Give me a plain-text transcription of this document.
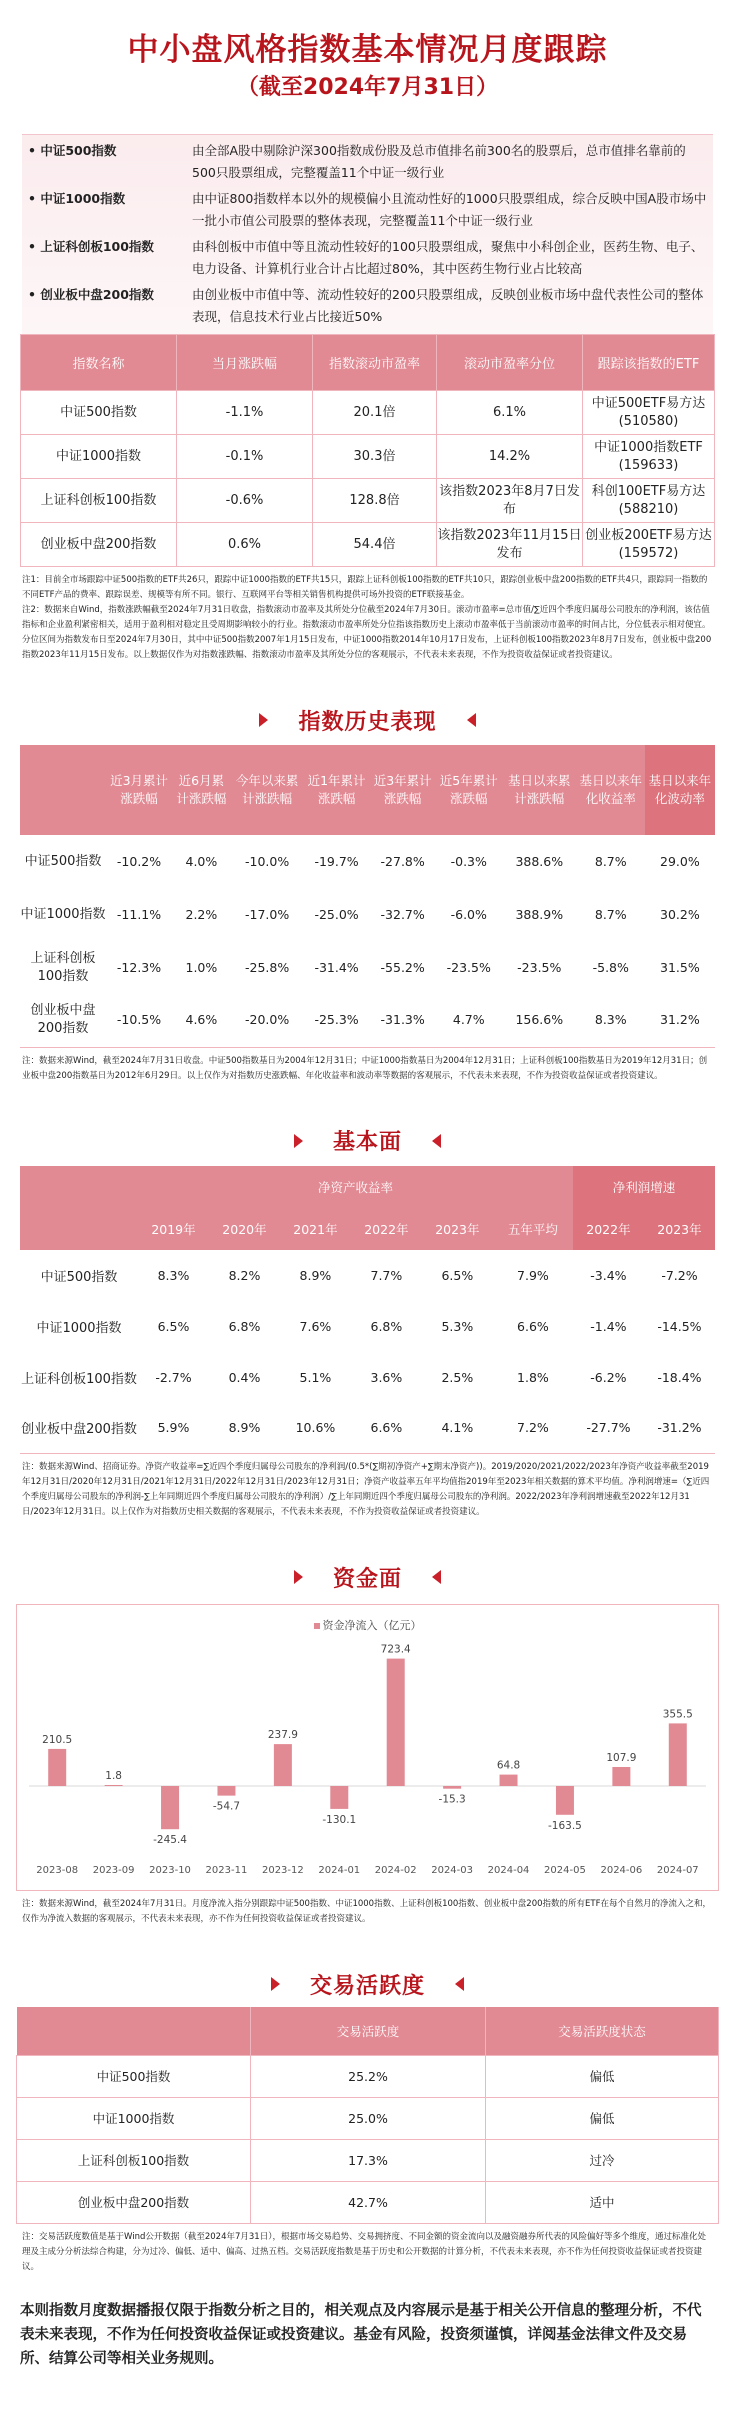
中小盘风格指数基本情况月度跟踪
（截至2024年7月31日）
• 中证500指数	由全部A股中剔除沪深300指数成份股及总市值排名前300名的股票后，总市值排名靠前的500只股票组成，完整覆盖11个中证一级行业
• 中证1000指数	由中证800指数样本以外的规模偏小且流动性好的1000只股票组成，综合反映中国A股市场中一批小市值公司股票的整体表现，完整覆盖11个中证一级行业
• 上证科创板100指数	由科创板中市值中等且流动性较好的100只股票组成，聚焦中小科创企业，医药生物、电子、电力设备、计算机行业合计占比超过80%，其中医药生物行业占比较高
• 创业板中盘200指数	由创业板中市值中等、流动性较好的200只股票组成，反映创业板市场中盘代表性公司的整体表现，信息技术行业占比接近50%
指数名称	当月涨跌幅	指数滚动市盈率	滚动市盈率分位	跟踪该指数的ETF
中证500指数	-1.1%	20.1倍	6.1%	中证500ETF易方达
(510580)

中证1000指数	-0.1%	30.3倍	14.2%	中证1000指数ETF
(159633)

上证科创板100指数	-0.6%	128.8倍	该指数2023年8月7日发布	科创100ETF易方达
(588210)

创业板中盘200指数	0.6%	54.4倍	该指数2023年11月15日发布	创业板200ETF易方达
(159572)
注1：目前全市场跟踪中证500指数的ETF共26只，跟踪中证1000指数的ETF共15只，跟踪上证科创板100指数的ETF共10只，跟踪创业板中盘200指数的ETF共4只，跟踪同一指数的不同ETF产品的费率、跟踪误差、规模等有所不同。银行、互联网平台等相关销售机构提供可场外投资的ETF联接基金。
注2：数据来自Wind，指数涨跌幅截至2024年7月31日收盘，指数滚动市盈率及其所处分位截至2024年7月30日。滚动市盈率=总市值/∑近四个季度归属母公司股东的净利润，该估值指标和企业盈利紧密相关，适用于盈利相对稳定且受周期影响较小的行业。指数滚动市盈率所处分位指该指数历史上滚动市盈率低于当前滚动市盈率的时间占比，分位低表示相对便宜。分位区间为指数发布日至2024年7月30日，其中中证500指数2007年1月15日发布，中证1000指数2014年10月17日发布，上证科创板100指数2023年8月7日发布，创业板中盘200指数2023年11月15日发布。以上数据仅作为对指数涨跌幅、指数滚动市盈率及其所处分位的客观展示，不代表未来表现，不作为投资收益保证或者投资建议。
指数历史表现
	近3月累计涨跌幅	近6月累计涨跌幅	今年以来累计涨跌幅	近1年累计涨跌幅	近3年累计涨跌幅	近5年累计涨跌幅	基日以来累计涨跌幅	基日以来年化收益率	基日以来年化波动率
中证500指数	-10.2%	4.0%	-10.0%	-19.7%	-27.8%	-0.3%	388.6%	8.7%	29.0%
中证1000指数	-11.1%	2.2%	-17.0%	-25.0%	-32.7%	-6.0%	388.9%	8.7%	30.2%
上证科创板100指数	-12.3%	1.0%	-25.8%	-31.4%	-55.2%	-23.5%	-23.5%	-5.8%	31.5%
创业板中盘200指数	-10.5%	4.6%	-20.0%	-25.3%	-31.3%	4.7%	156.6%	8.3%	31.2%
注：数据来源Wind，截至2024年7月31日收盘。中证500指数基日为2004年12月31日；中证1000指数基日为2004年12月31日；上证科创板100指数基日为2019年12月31日；创业板中盘200指数基日为2012年6月29日。以上仅作为对指数历史涨跌幅、年化收益率和波动率等数据的客观展示，不代表未来表现，不作为投资收益保证或者投资建议。
基本面
	净资产收益率						净利润增速	
	2019年	2020年	2021年	2022年	2023年	五年平均	2022年	2023年
中证500指数	8.3%	8.2%	8.9%	7.7%	6.5%	7.9%	-3.4%	-7.2%
中证1000指数	6.5%	6.8%	7.6%	6.8%	5.3%	6.6%	-1.4%	-14.5%
上证科创板100指数	-2.7%	0.4%	5.1%	3.6%	2.5%	1.8%	-6.2%	-18.4%
创业板中盘200指数	5.9%	8.9%	10.6%	6.6%	4.1%	7.2%	-27.7%	-31.2%
注：数据来源Wind、招商证券。净资产收益率=∑近四个季度归属母公司股东的净利润/(0.5*(∑期初净资产+∑期末净资产))。2019/2020/2021/2022/2023年净资产收益率截至2019年12月31日/2020年12月31日/2021年12月31日/2022年12月31日/2023年12月31日；净资产收益率五年平均值指2019年至2023年相关数据的算术平均值。净利润增速=（∑近四个季度归属母公司股东的净利润-∑上年同期近四个季度归属母公司股东的净利润）/∑上年同期近四个季度归属母公司股东的净利润。2022/2023年净利润增速截至2022年12月31日/2023年12月31日。以上仅作为对指数历史相关数据的客观展示，不代表未来表现，不作为投资收益保证或者投资建议。
资金面
资金净流入（亿元）
210.5
2023-08
1.8
2023-09
-245.4
2023-10
-54.7
2023-11
237.9
2023-12
-130.1
2024-01
723.4
2024-02
-15.3
2024-03
64.8
2024-04
-163.5
2024-05
107.9
2024-06
355.5
2024-07
注：数据来源Wind，截至2024年7月31日。月度净流入指分别跟踪中证500指数、中证1000指数、上证科创板100指数、创业板中盘200指数的所有ETF在每个自然月的净流入之和，仅作为净流入数据的客观展示，不代表未来表现，亦不作为任何投资收益保证或者投资建议。
交易活跃度
	交易活跃度	交易活跃度状态
中证500指数	25.2%	偏低
中证1000指数	25.0%	偏低
上证科创板100指数	17.3%	过冷
创业板中盘200指数	42.7%	适中
注：交易活跃度数值是基于Wind公开数据（截至2024年7月31日），根据市场交易趋势、交易拥挤度、不同金额的资金流向以及融资融券所代表的风险偏好等多个维度，通过标准化处理及主成分分析法综合构建，分为过冷、偏低、适中、偏高、过热五档。交易活跃度指数是基于历史和公开数据的计算分析，不代表未来表现，亦不作为任何投资收益保证或者投资建议。
本则指数月度数据播报仅限于指数分析之目的，相关观点及内容展示是基于相关公开信息的整理分析，不代表未来表现，不作为任何投资收益保证或投资建议。基金有风险，投资须谨慎，详阅基金法律文件及交易所、结算公司等相关业务规则。
